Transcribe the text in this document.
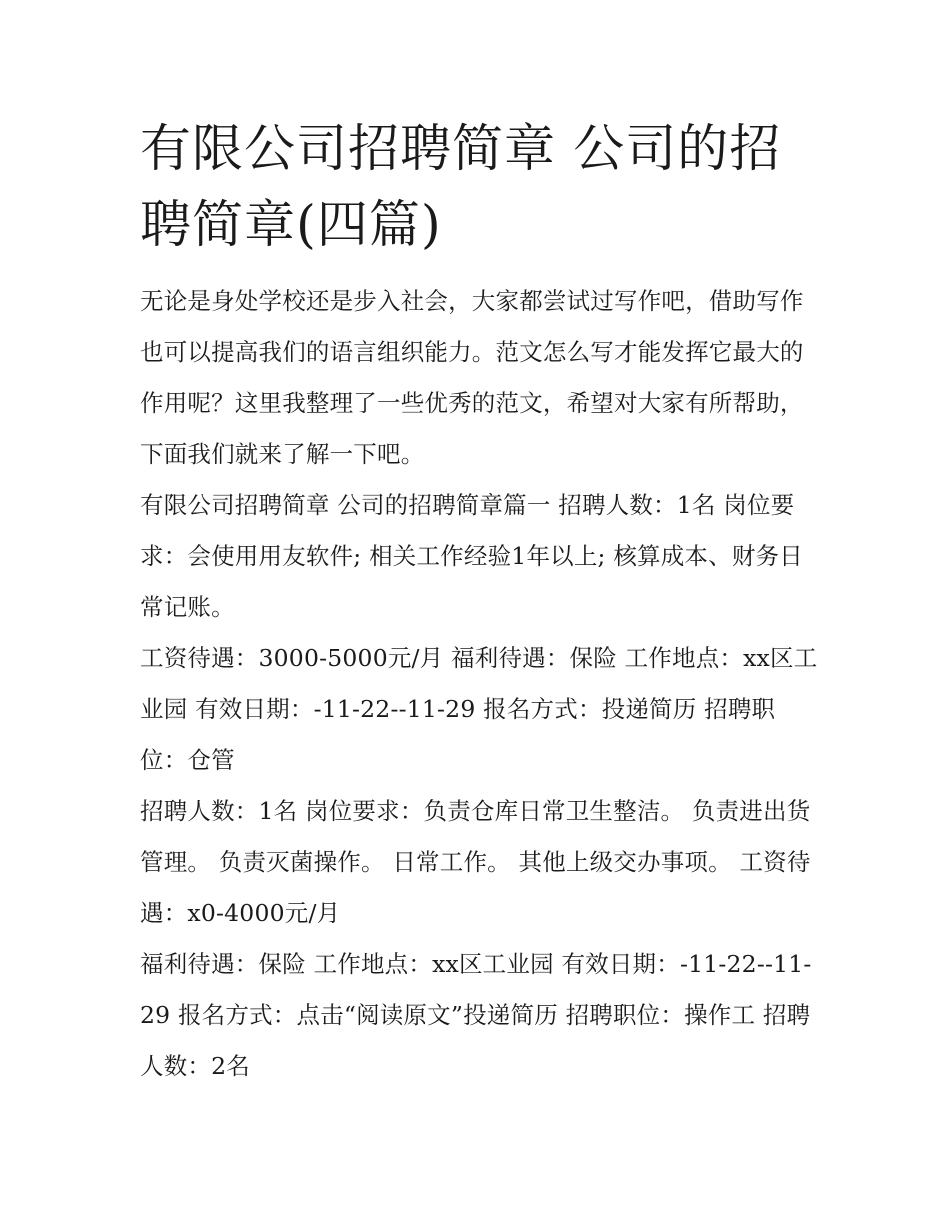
有限公司招聘简章 公司的招聘简章(四篇)

无论是身处学校还是步入社会，大家都尝试过写作吧，借助写作也可以提高我们的语言组织能力。范文怎么写才能发挥它最大的作用呢？这里我整理了一些优秀的范文，希望对大家有所帮助，下面我们就来了解一下吧。

有限公司招聘简章 公司的招聘简章篇一 招聘人数：1名 岗位要求：会使用用友软件; 相关工作经验1年以上; 核算成本、财务日常记账。

工资待遇：3000-5000元/月 福利待遇：保险 工作地点：xx区工业园 有效日期：-11-22--11-29 报名方式：投递简历 招聘职位：仓管

招聘人数：1名 岗位要求：负责仓库日常卫生整洁。 负责进出货管理。 负责灭菌操作。 日常工作。 其他上级交办事项。 工资待遇：x0-4000元/月

福利待遇：保险 工作地点：xx区工业园 有效日期：-11-22--11-29 报名方式：点击“阅读原文”投递简历 招聘职位：操作工 招聘人数：2名
